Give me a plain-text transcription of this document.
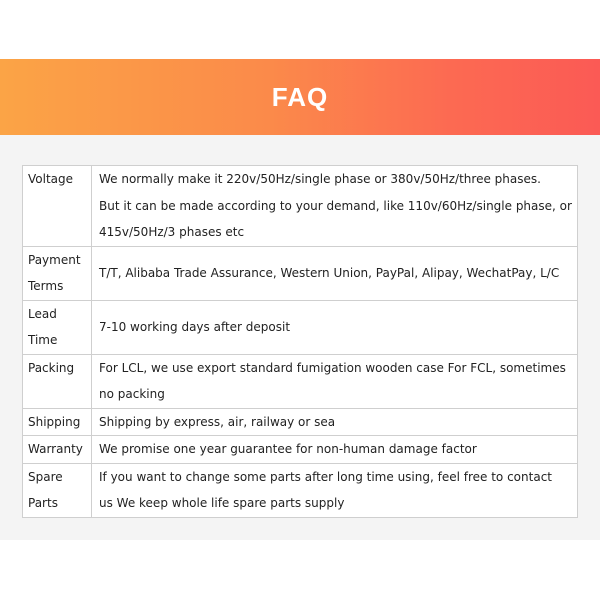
FAQ
Voltage	We normally make it 220v/50Hz/single phase or 380v/50Hz/three phases.
But it can be made according to your demand, like 110v/60Hz/single phase, or
415v/50Hz/3 phases etc

Payment
Terms	T/T, Alibaba Trade Assurance, Western Union, PayPal, Alipay, WechatPay, L/C

Lead Time	7-10 working days after deposit

Packing	For LCL, we use export standard fumigation wooden case For FCL, sometimes
no packing

Shipping	Shipping by express, air, railway or sea

Warranty	We promise one year guarantee for non-human damage factor

Spare
Parts	If you want to change some parts after long time using, feel free to contact
us We keep whole life spare parts supply
